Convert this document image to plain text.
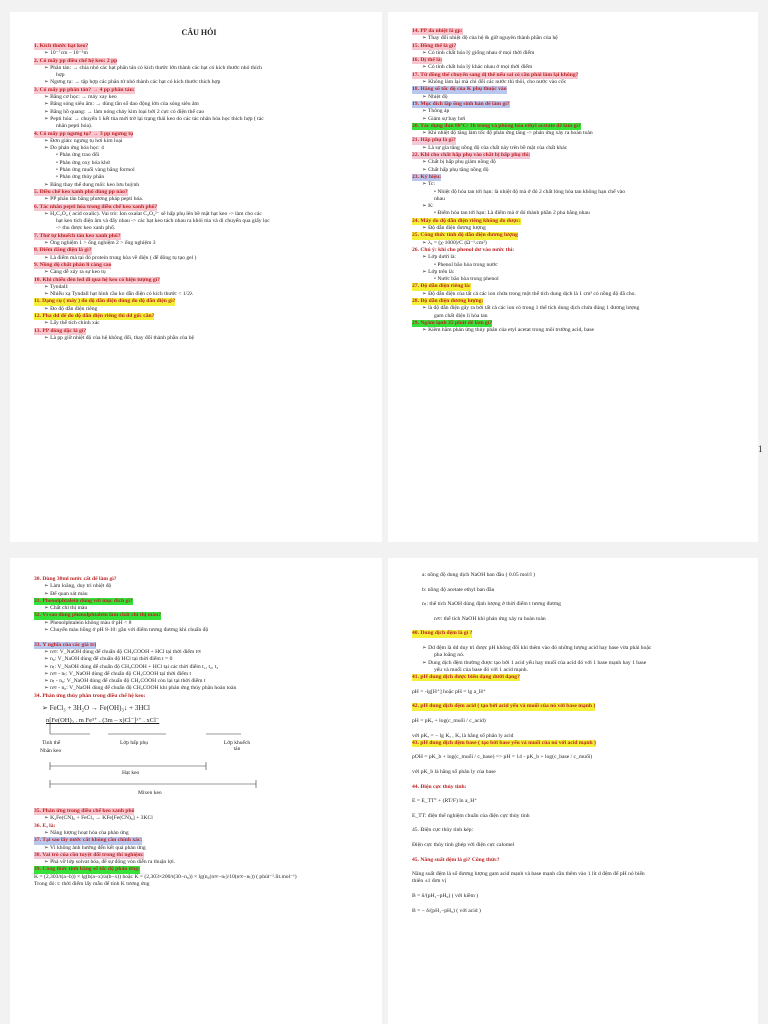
CÂU HỎI
1. Kích thước hạt keo?
➢ 10⁻⁷cm – 10⁻⁵m
2. Có mấy pp điều chế hệ keo: 2 pp
➢ Phân tán: → chia nhỏ các hạt phân tán có kích thước lớn thành các hạt có kích thước nhỏ thích
hợp
➢ Ngưng tụ: → tập hợp các phân tử nhỏ thành các hạt có kích thước thích hợp
3. Có mấy pp phân tán? → 4 pp phân tán:
➢ Bằng cơ học: → máy xay keo
➢ Bằng sóng siêu âm: → dùng tần số dao động lớn của sóng siêu âm
➢ Bằng hồ quang: → làm nóng chảy kim loại bởi 2 cực có điện thế cao
➢ Pepti hóa: → chuyển 1 kết tủa mới trở lại trạng thái keo do các tác nhân hóa học thích hợp ( tác
nhân pepti hóa).
4. Có mấy pp ngưng tụ? → 3 pp ngưng tụ
➢ Đơn giản: ngưng tụ hơi kim loại
➢ Do phản ứng hóa học: 4
• Phản ứng trao đổi
• Phản ứng oxy hóa khử
• Phản ứng muối vàng bằng formol
• Phản ứng thủy phân
➢ Bằng thay thế dung môi: keo lưu huỳnh
5. Điều chế keo xanh phổ dùng pp nào?
➢ PP phân tán bằng phương pháp pepti hóa.
6. Tác nhân pepti hóa trong điều chế keo xanh phổ?
➢ H₂C₂O₄ ( acid oxalic). Vai trò: Ion oxalat C₂O₄²⁻ sẽ hấp phụ lên bề mặt hạt keo -> làm cho các
hạt keo tích điện âm và đẩy nhau -> các hạt keo tách nhau ra khỏi tủa và di chuyển qua giấy lọc
-> thu được keo xanh phổ.
7. Thứ tự khuếch tán keo xanh phổ?
➢ Ống nghiệm 1 > ống nghiệm 2 > ống nghiệm 3
8. Điểm đẳng điện là gì?
➢ Là điểm mà tại đó protein trung hòa về điện ( để đông tụ tạo gel )
9. Nồng độ chất phân li càng cao
➢ Càng dễ xảy ra sự keo tụ
10. Khi chiếu đèn led đi qua hệ keo có hiện tượng gì?
➢ Tyndall:
➢ Nhiễu xạ Tyndall hạt hình cầu ko dẫn điện có kích thước < 1/2λ
11. Dạng cụ ( máy ) đo độ dẫn điện dùng đo độ dẫn điện gì?
➢ Đo độ dẫn điện riêng
12. Pha dd để đo độ dẫn điện riêng thì dd gốc cần?
➢ Lấy thể tích chính xác
13. PP đông đặc là gì?
➢ Là pp giữ nhiệt độ của hệ không đổi, thay đổi thành phần của hệ
14. PP đa nhiệt là gp:
➢ Thay đổi nhiệt độ của hệ & giữ nguyên thành phần của hệ
15. Đồng thể là gì?
➢ Có tính chất hóa lý giống nhau ở mọi thời điểm
16. Dị thể là:
➢ Có tính chất hóa lý khác nhau ở mọi thời điểm
17. Từ đồng thể chuyển sang dị thể nếu sai có cần phải làm lại không?
➢ Không làm lại mà chỉ đổi các nước thì thôi, cho nước vào cốc
18. Hằng số tốc độ của K phụ thuộc vào
➢ Nhiệt độ
19. Mục đích lắp ống sinh hàn để làm gì?
➢ Thông áp
➢ Giảm sự bay hơi
20. Tác dụng đun 80°C/ 1h trong và phòng hóa ethyl acetate để làm gì?
➢ Khi nhiệt độ tăng làm tốc độ phản ứng tăng -> phản ứng xảy ra hoàn toàn
21. Hấp phụ là gì?
➢ Là sự gia tăng nồng độ của chất này trên bề mặt của chất khác
22. Khi cho chất hấp phụ vào chất bị hấp phụ thì:
➢ Chất bị hấp phụ giảm nồng độ
➢ Chất hấp phụ tăng nồng độ
23. Ký hiệu:
➢ Tc:
• Nhiệt độ hòa tan tới hạn: là nhiệt độ mà ở đó 2 chất lỏng hòa tan không hạn chế vào
nhau
➢ K:
• Điểm hòa tan tới hạn: Là điểm mà ở đó thành phần 2 pha bằng nhau
24. Máy đo độ dẫn điện riêng không đo được:
➢ Độ dẫn điện đương lượng
25. Công thức tính độ dẫn điện đương lượng
➢ λₓ = (χ·1000)/C (Ω⁻¹.cm²)
26. Chú ý: khi cho phenol dư vào nước thì:
➢ Lớp dưới là:
• Phenol bão hòa trong nước
➢ Lớp trên là:
• Nước bão hòa trong phenol
27. Độ dẫn điện riêng là:
➢ Độ dẫn điện của tất cả các ion chứa trong một thể tích dung dịch là 1 cm³ có nồng độ đã cho.
28. Độ dẫn điện đương lượng:
➢ là độ dẫn điện gây ra bởi tất cả các ion có trong 1 thể tích dung dịch chứa đúng 1 đương lượng
gam chất điện li hòa tan
29. Ngâm lạnh 35 phút để làm gì?
➢ Kiềm hãm phản ứng thủy phân của etyl acetat trong môi trường acid, base
1
30. Dùng 30ml nước cất để làm gì?
➢ Làm loãng, duy trì nhiệt độ
➢ Để quan sát màu
31. Phenolphtalein dùng với mục đích gì?
➢ Chất chỉ thị màu
32. Vì sao dùng phenolphtalein làm chất chỉ thị màu?
➢ Phenolphtalein không màu ở pH < 8
➢ Chuyển màu hồng ở pH 8-10: gần với điểm tương đương khi chuẩn độ
33. Ý nghĩa của các giá trị
➢ n∞: V_NaOH dùng để chuẩn độ CH₃COOH + HCl tại thời điểm t∞
➢ n₀: V_NaOH dùng để chuẩn độ HCl tại thời điểm t = 0
➢ nₜ: V_NaOH dùng để chuẩn độ CH₃COOH + HCl tại các thời điểm t₁, t₂, t₃
➢ n∞ - nₜ: V_NaOH dùng để chuẩn độ CH₃COOH tại thời điểm t
➢ nₜ - n₀: V_NaOH dùng để chuẩn độ CH₃COOH còn lại tại thời điểm t
➢ n∞ - n₀: V_NaOH dùng để chuẩn độ CH₃COOH khi phản ứng thủy phân hoàn toàn
34. Phản ứng thủy phân trong điều chế hệ keo:
➢ FeCl₃ + 3H₂O → Fe(OH)₃↓ + 3HCl
n[Fe(OH)₃ . m Fe³⁺ . (3m – x)Cl⁻]ˣ⁺ . xCl⁻
Tinh thể
Nhân keo
Lớp hấp phụ	Lớp khuếch tán
Hạt keo
Mixen keo
35. Phản ứng trong điều chế keo xanh phổ
➢ K₄Fe(CN)₆ + FeCl₃ → KFe[Fe(CN)₆] + 3KCl
36. Eₐ là:
➢ Năng lượng hoạt hóa của phản ứng
37. Tại sao lấy nước cất không cần chính xác:
➢ Vì không ảnh hưởng đến kết quả phản ứng
38. Vai trò của cồn tuyệt đối trong thí nghiệm:
➢ Phá vỡ lớp solvat hóa, để sự đông vón diễn ra thuận lợi.
39. Công thức tính hằng số tốc độ phản ứng:
K = (2,303/t(a−b)) × lg(b(a−x)/a(b−x)) hoặc K = (2,303×200/t(30−n₀)) × lg(n₀(n∞−nₜ)/10(n∞−nₜ)) ( phút⁻¹.lit.mol⁻¹)
Trong đó: t: thời điểm lấy mẫu để tính K tương ứng
a: nồng độ dung dịch NaOH ban đầu ( 0.05 mol/l )
b: nồng độ acetate ethyl ban đầu
nₜ: thể tích NaOH dùng định lượng ở thời điểm t tương đương
n∞: thể tích NaOH khi phản ứng xảy ra hoàn toàn
40. Dung dịch đệm là gì ?
➢ Dd đệm là dd duy trì được pH không đổi khi thêm vào đó những lượng acid hay base vừa phải hoặc
pha loãng nó.
➢ Dung dịch đệm thường được tạo bởi 1 acid yếu hay muối của acid đó với 1 base mạnh hay 1 base
yếu và muối của base đó với 1 acid mạnh.
41. pH dung dịch được biểu dạng dưới dạng?
pH = -lg[H⁺] hoặc pH = lg a_H⁺
42. pH dung dịch đệm acid ( tạo bởi acid yếu và muối của nó với base mạnh )
pH = pKₐ + log(c_muối / c_acid)
với pKₐ = − lg Kₐ , Kₐ là hằng số phân ly acid
43. pH dung dịch đệm base ( tạo bởi base yếu và muối của nó với acid mạnh )
pOH = pK_b + log(c_muối / c_base) => pH = 14 - pK_b + log(c_base / c_muối)
với pK_b là hằng số phân ly của base
44. Điện cực thủy tinh:
E = E_TT° + (RT/F) ln a_H⁺
E_TT: điện thế nghiệm chuẩn của điện cực thủy tinh
45. Điện cực thủy tinh kép:
Điện cực thủy tinh ghép với điện cực calomel
45. Năng suất đệm là gì? Công thức?
Năng suất đệm là số đương lượng gam acid mạnh và base mạnh cần thêm vào 1 lít d đệm để pH nó biến
thiên ±1 đơn vị
B = δ/(pH₁−pH₀) ( với kiềm )
B = − δ/(pH₁−pH₀) ( với acid )
